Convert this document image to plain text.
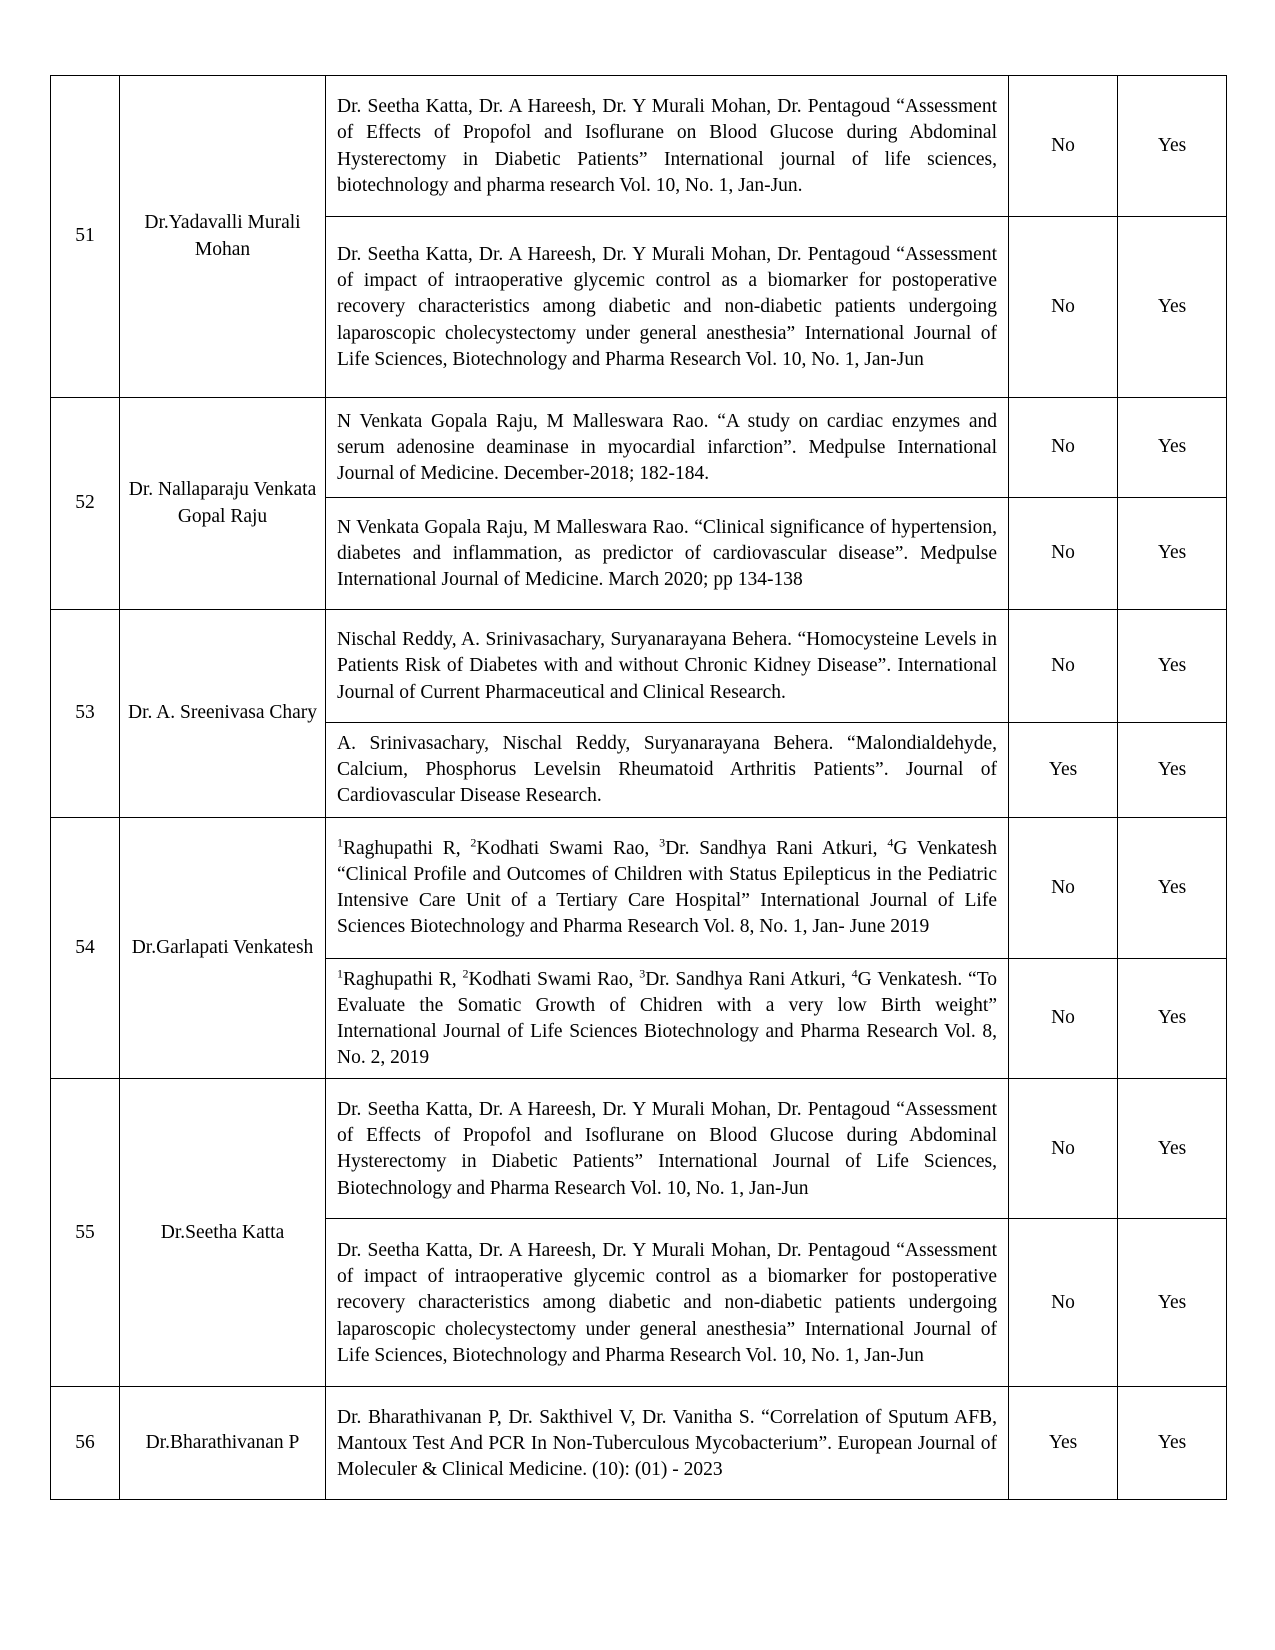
51	Dr.Yadavalli Murali Mohan	Dr. Seetha Katta, Dr. A Hareesh, Dr. Y Murali Mohan, Dr. Pentagoud “Assessment of Effects of Propofol and Isoflurane on Blood Glucose during Abdominal Hysterectomy in Diabetic Patients” International journal of life sciences, biotechnology and pharma research Vol. 10, No. 1, Jan-Jun.	No	Yes
		Dr. Seetha Katta, Dr. A Hareesh, Dr. Y Murali Mohan, Dr. Pentagoud “Assessment of impact of intraoperative glycemic control as a biomarker for postoperative recovery characteristics among diabetic and non-diabetic patients undergoing laparoscopic cholecystectomy under general anesthesia” International Journal of Life Sciences, Biotechnology and Pharma Research Vol. 10, No. 1, Jan-Jun	No	Yes
52	Dr. Nallaparaju Venkata Gopal Raju	N Venkata Gopala Raju, M Malleswara Rao. “A study on cardiac enzymes and serum adenosine deaminase in myocardial infarction”. Medpulse International Journal of Medicine. December-2018; 182-184.	No	Yes
		N Venkata Gopala Raju, M Malleswara Rao. “Clinical significance of hypertension, diabetes and inflammation, as predictor of cardiovascular disease”. Medpulse International Journal of Medicine. March 2020; pp 134-138	No	Yes
53	Dr. A. Sreenivasa Chary	Nischal Reddy, A. Srinivasachary, Suryanarayana Behera. “Homocysteine Levels in Patients Risk of Diabetes with and without Chronic Kidney Disease”. International Journal of Current Pharmaceutical and Clinical Research.	No	Yes
		A. Srinivasachary, Nischal Reddy, Suryanarayana Behera. “Malondialdehyde, Calcium, Phosphorus Levelsin Rheumatoid Arthritis Patients”. Journal of Cardiovascular Disease Research.	Yes	Yes
54	Dr.Garlapati Venkatesh	$^1$Raghupathi R, $^2$Kodhati Swami Rao, $^3$Dr. Sandhya Rani Atkuri, $^4$G Venkatesh “Clinical Profile and Outcomes of Children with Status Epilepticus in the Pediatric Intensive Care Unit of a Tertiary Care Hospital” International Journal of Life Sciences Biotechnology and Pharma Research Vol. 8, No. 1, Jan- June 2019	No	Yes
		$^1$Raghupathi R, $^2$Kodhati Swami Rao, $^3$Dr. Sandhya Rani Atkuri, $^4$G Venkatesh. “To Evaluate the Somatic Growth of Chidren with a very low Birth weight” International Journal of Life Sciences Biotechnology and Pharma Research Vol. 8, No. 2, 2019	No	Yes
55	Dr.Seetha Katta	Dr. Seetha Katta, Dr. A Hareesh, Dr. Y Murali Mohan, Dr. Pentagoud “Assessment of Effects of Propofol and Isoflurane on Blood Glucose during Abdominal Hysterectomy in Diabetic Patients” International Journal of Life Sciences, Biotechnology and Pharma Research Vol. 10, No. 1, Jan-Jun	No	Yes
		Dr. Seetha Katta, Dr. A Hareesh, Dr. Y Murali Mohan, Dr. Pentagoud “Assessment of impact of intraoperative glycemic control as a biomarker for postoperative recovery characteristics among diabetic and non-diabetic patients undergoing laparoscopic cholecystectomy under general anesthesia” International Journal of Life Sciences, Biotechnology and Pharma Research Vol. 10, No. 1, Jan-Jun	No	Yes
56	Dr.Bharathivanan P	Dr. Bharathivanan P, Dr. Sakthivel V, Dr. Vanitha S. “Correlation of Sputum AFB, Mantoux Test And PCR In Non-Tuberculous Mycobacterium”. European Journal of Moleculer & Clinical Medicine. (10): (01) - 2023	Yes	Yes
